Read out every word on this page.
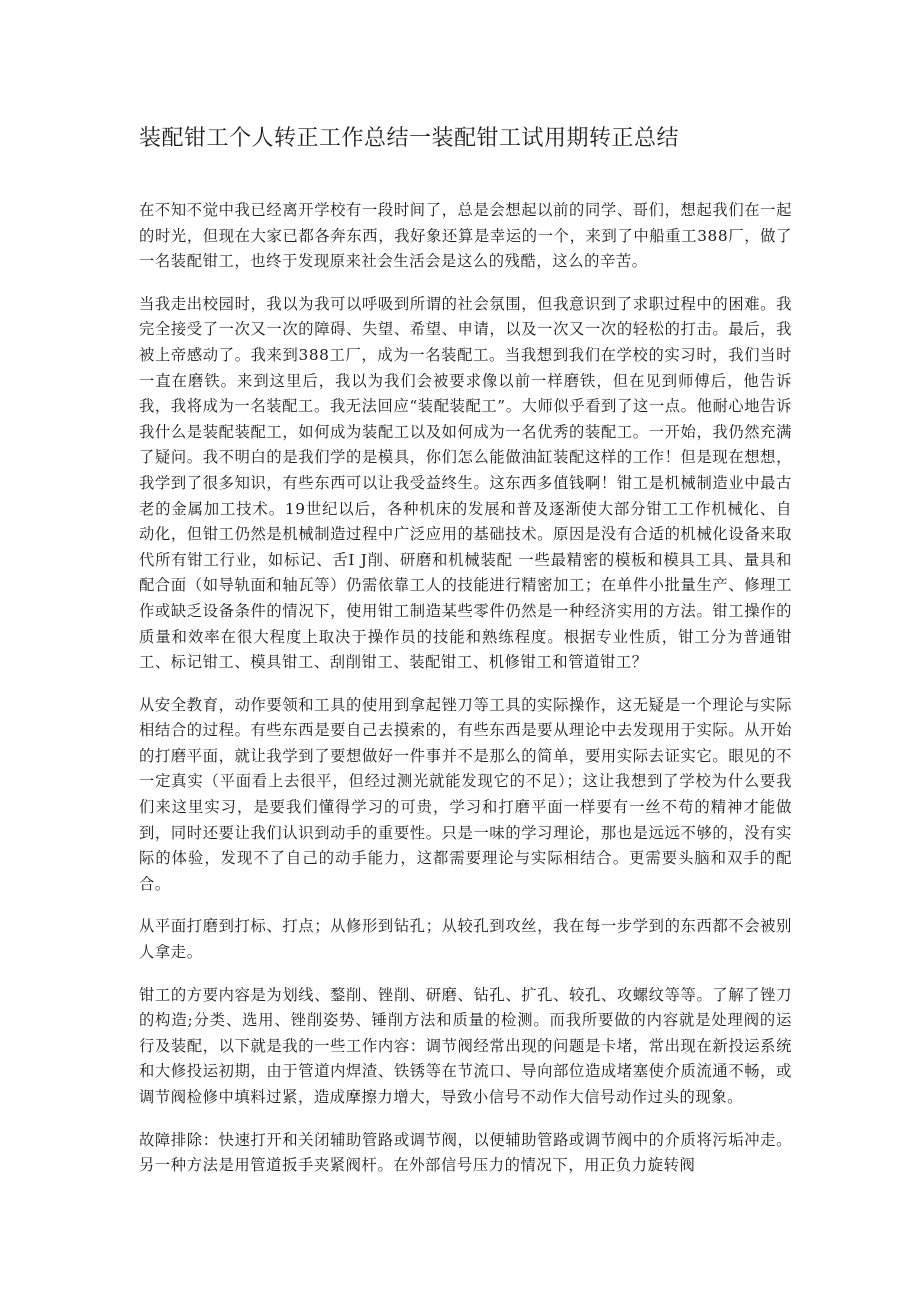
装配钳工个人转正工作总结一装配钳工试用期转正总结

在不知不觉中我已经离开学校有一段时间了，总是会想起以前的同学、哥们，想起我们在一起的时光，但现在大家已都各奔东西，我好象还算是幸运的一个，来到了中船重工388厂，做了一名装配钳工，也终于发现原来社会生活会是这么的残酷，这么的辛苦。

当我走出校园时，我以为我可以呼吸到所谓的社会氛围，但我意识到了求职过程中的困难。我完全接受了一次又一次的障碍、失望、希望、申请，以及一次又一次的轻松的打击。最后，我被上帝感动了。我来到388工厂，成为一名装配工。当我想到我们在学校的实习时，我们当时一直在磨铁。来到这里后，我以为我们会被要求像以前一样磨铁，但在见到师傅后，他告诉我，我将成为一名装配工。我无法回应“装配装配工”。大师似乎看到了这一点。他耐心地告诉我什么是装配装配工，如何成为装配工以及如何成为一名优秀的装配工。一开始，我仍然充满了疑问。我不明白的是我们学的是模具，你们怎么能做油缸装配这样的工作！但是现在想想，我学到了很多知识，有些东西可以让我受益终生。这东西多值钱啊！钳工是机械制造业中最古老的金属加工技术。19世纪以后，各种机床的发展和普及逐渐使大部分钳工工作机械化、自动化，但钳工仍然是机械制造过程中广泛应用的基础技术。原因是没有合适的机械化设备来取代所有钳工行业，如标记、舌I J削、研磨和机械装配 一些最精密的模板和模具工具、量具和配合面（如导轨面和轴瓦等）仍需依靠工人的技能进行精密加工；在单件小批量生产、修理工作或缺乏设备条件的情况下，使用钳工制造某些零件仍然是一种经济实用的方法。钳工操作的质量和效率在很大程度上取决于操作员的技能和熟练程度。根据专业性质，钳工分为普通钳工、标记钳工、模具钳工、刮削钳工、装配钳工、机修钳工和管道钳工？

从安全教育，动作要领和工具的使用到拿起锉刀等工具的实际操作，这无疑是一个理论与实际相结合的过程。有些东西是要自己去摸索的，有些东西是要从理论中去发现用于实际。从开始的打磨平面，就让我学到了要想做好一件事并不是那么的简单，要用实际去证实它。眼见的不一定真实（平面看上去很平，但经过测光就能发现它的不足）；这让我想到了学校为什么要我们来这里实习，是要我们懂得学习的可贵，学习和打磨平面一样要有一丝不苟的精神才能做到，同时还要让我们认识到动手的重要性。只是一味的学习理论，那也是远远不够的，没有实际的体验，发现不了自己的动手能力，这都需要理论与实际相结合。更需要头脑和双手的配合。

从平面打磨到打标、打点；从修形到钻孔；从较孔到攻丝，我在每一步学到的东西都不会被别人拿走。

钳工的方要内容是为划线、鍪削、锉削、研磨、钻孔、扩孔、较孔、攻螺纹等等。了解了锉刀的构造;分类、选用、锉削姿势、锤削方法和质量的检测。而我所要做的内容就是处理阀的运行及装配，以下就是我的一些工作内容：调节阀经常出现的问题是卡堵，常出现在新投运系统和大修投运初期，由于管道内焊渣、铁锈等在节流口、导向部位造成堵塞使介质流通不畅，或调节阀检修中填料过紧，造成摩擦力增大，导致小信号不动作大信号动作过头的现象。

故障排除：快速打开和关闭辅助管路或调节阀，以便辅助管路或调节阀中的介质将污垢冲走。另一种方法是用管道扳手夹紧阀杆。在外部信号压力的情况下，用正负力旋转阀
